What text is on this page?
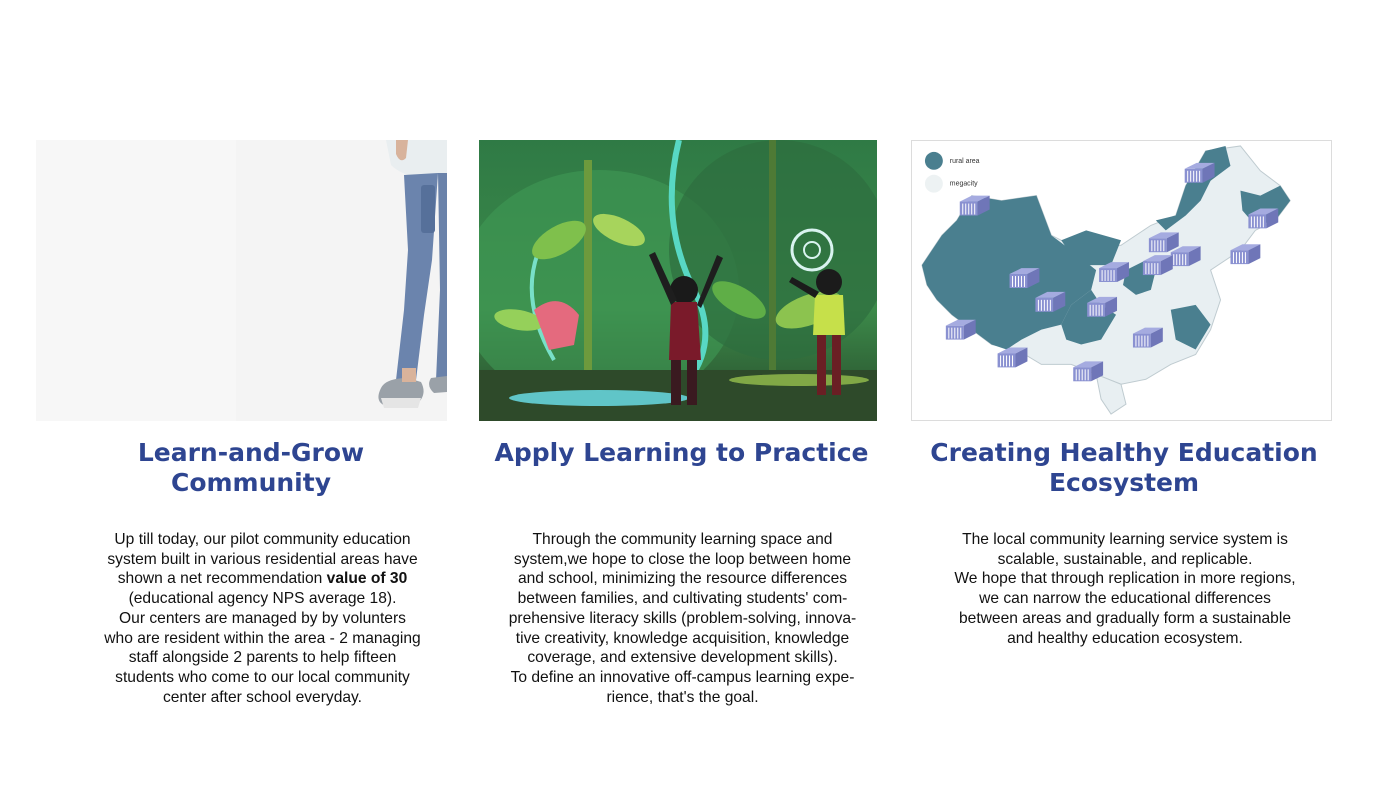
rural area
megacity
Learn-and-Grow
Community
Apply Learning to Practice	Creating Healthy Education
Ecosystem
Up till today, our pilot community education
system built in various residential areas have
shown a net recommendation value of 30
(educational agency NPS average 18).
Our centers are managed by by volunters
who are resident within the area - 2 managing
staff alongside 2 parents to help fifteen
students who come to our local community
center after school everyday.
Through the community learning space and
system,we hope to close the loop between home
and school, minimizing the resource differences
between families, and cultivating students' com-
prehensive literacy skills (problem-solving, innova-
tive creativity, knowledge acquisition, knowledge
coverage, and extensive development skills).
To define an innovative off-campus learning expe-
rience, that's the goal.
The local community learning service system is
scalable, sustainable, and replicable.
We hope that through replication in more regions,
we can narrow the educational differences
between areas and gradually form a sustainable
and healthy education ecosystem.
